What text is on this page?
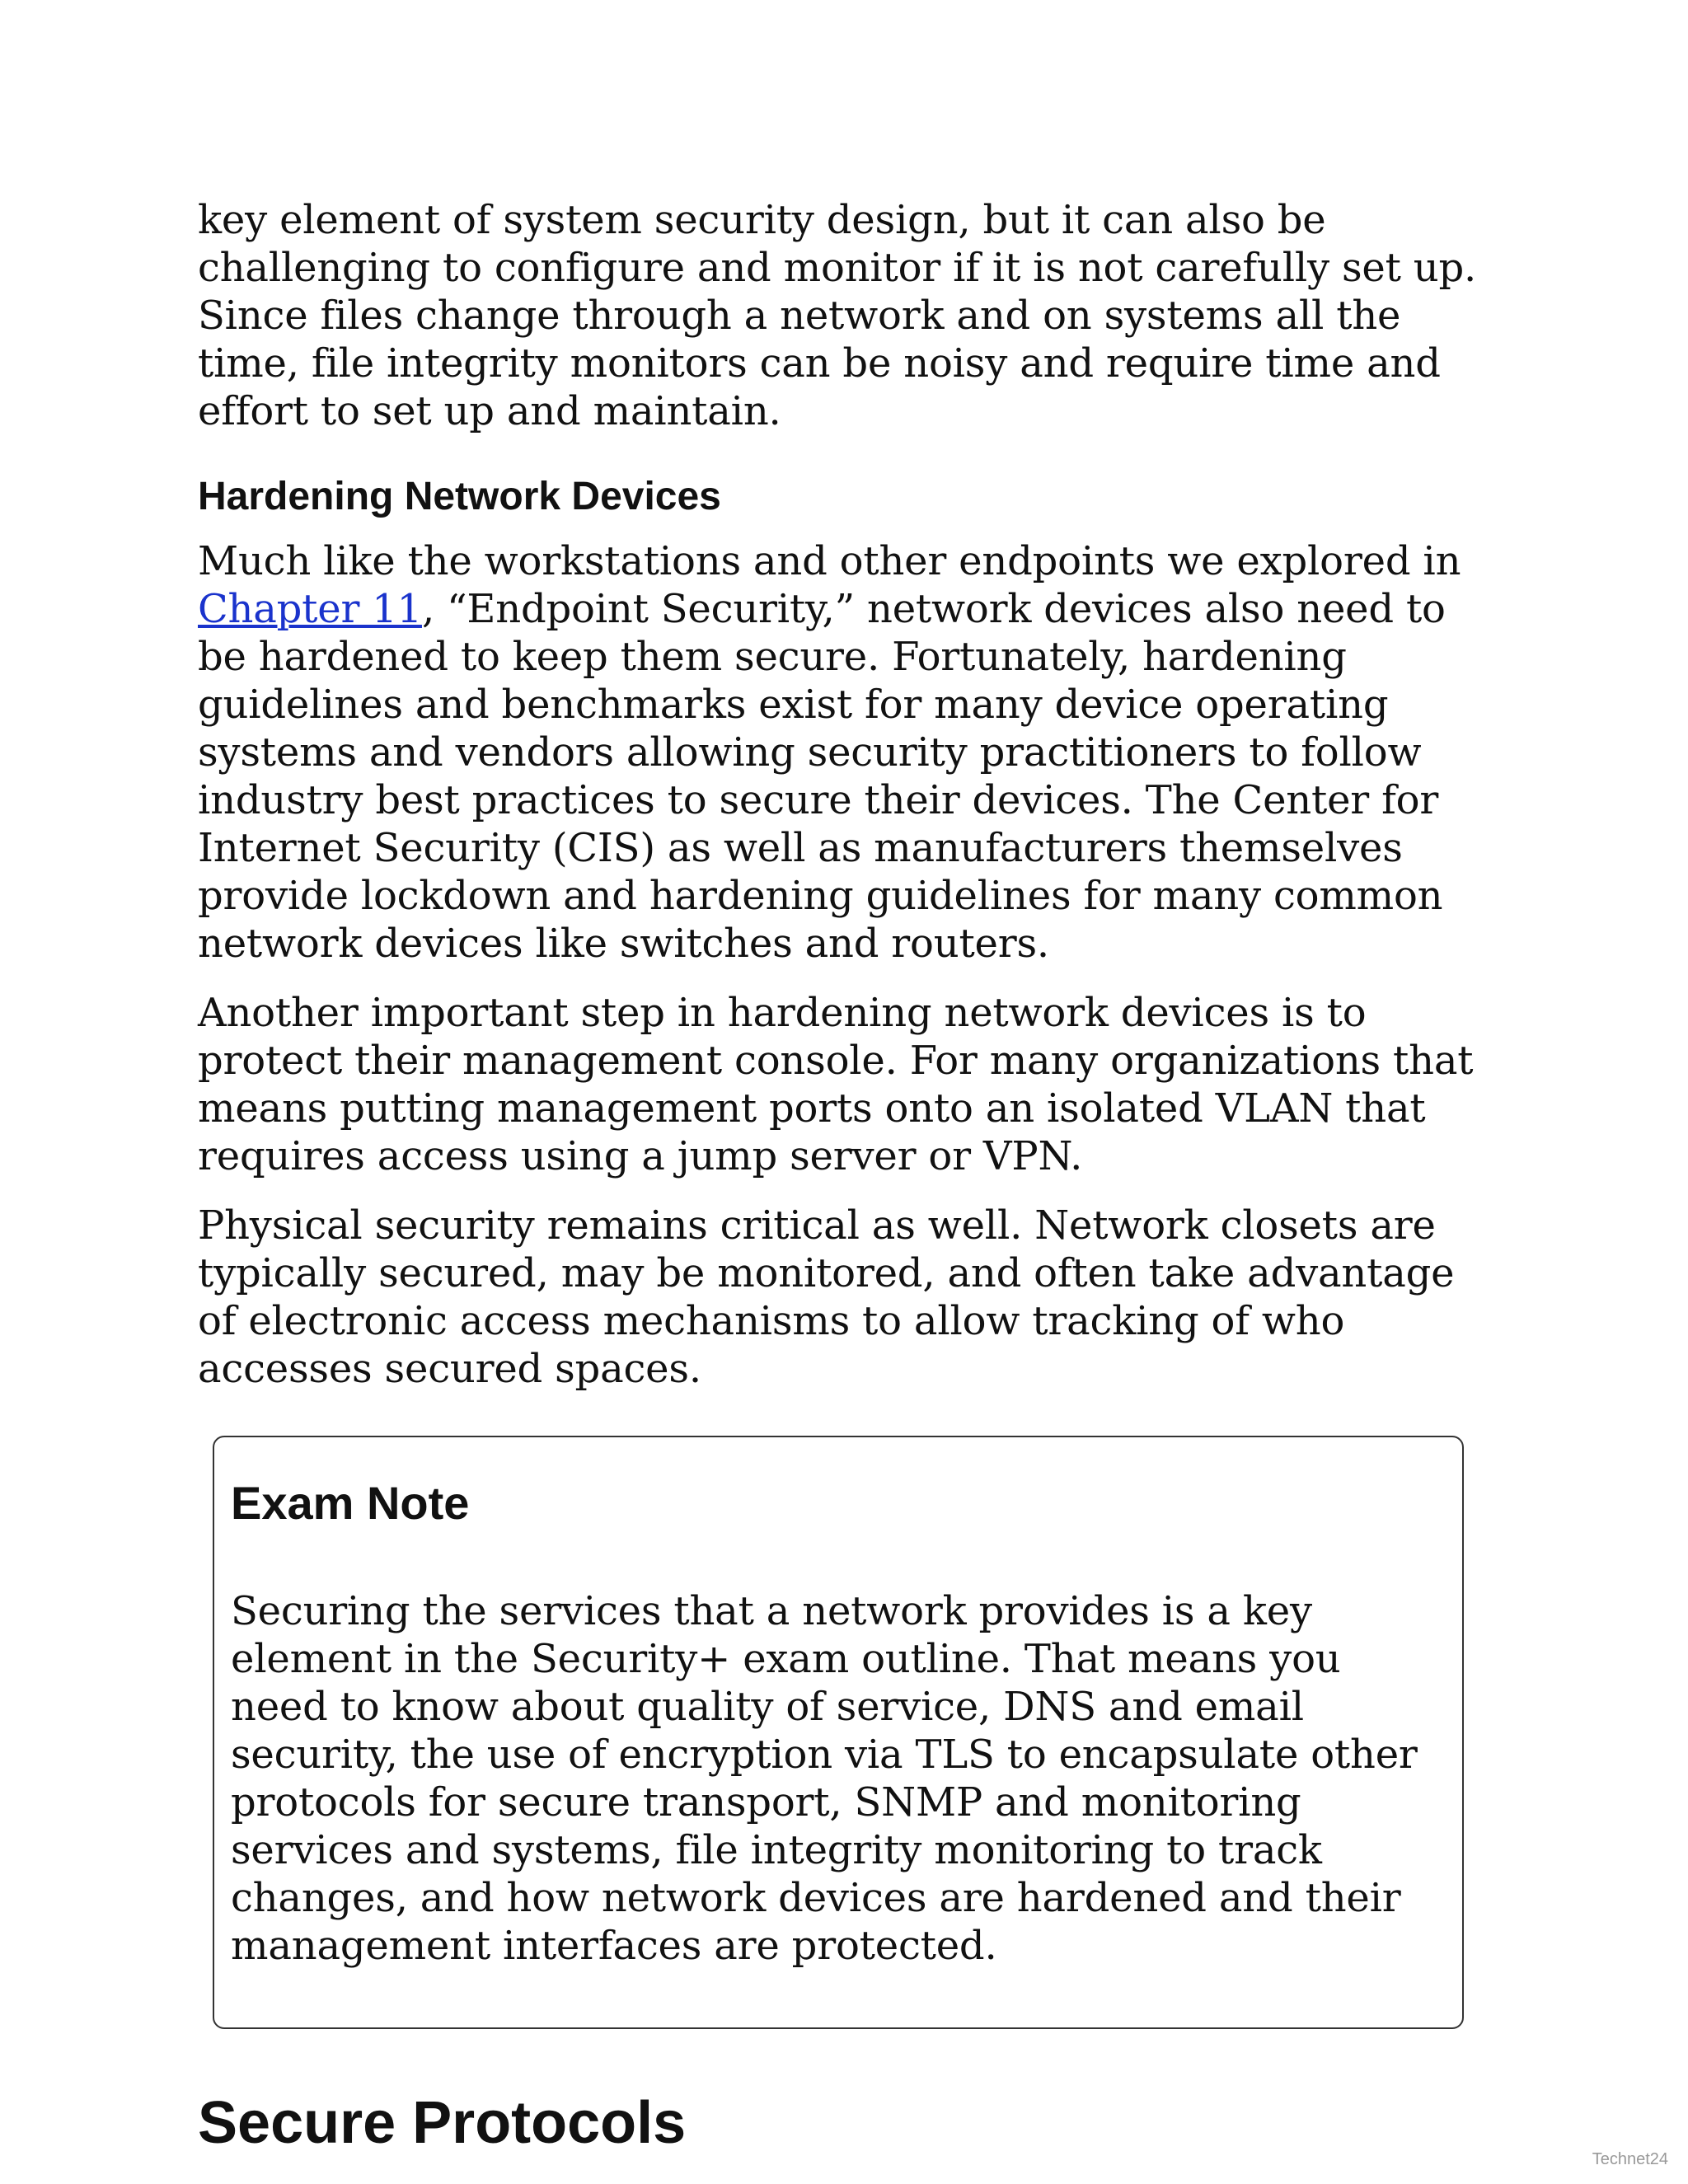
key element of system security design, but it can also be challenging to configure and monitor if it is not carefully set up. Since files change through a network and on systems all the time, file integrity monitors can be noisy and require time and effort to set up and maintain.

Hardening Network Devices

Much like the workstations and other endpoints we explored in Chapter 11, “Endpoint Security,” network devices also need to be hardened to keep them secure. Fortunately, hardening guidelines and benchmarks exist for many device operating systems and vendors allowing security practitioners to follow industry best practices to secure their devices. The Center for Internet Security (CIS) as well as manufacturers themselves provide lockdown and hardening guidelines for many common network devices like switches and routers.

Another important step in hardening network devices is to protect their management console. For many organizations that means putting management ports onto an isolated VLAN that requires access using a jump server or VPN.

Physical security remains critical as well. Network closets are typically secured, may be monitored, and often take advantage of electronic access mechanisms to allow tracking of who accesses secured spaces.

Exam Note

Securing the services that a network provides is a key element in the Security+ exam outline. That means you need to know about quality of service, DNS and email security, the use of encryption via TLS to encapsulate other protocols for secure transport, SNMP and monitoring services and systems, file integrity monitoring to track changes, and how network devices are hardened and their management interfaces are protected.

Secure Protocols
Technet24
